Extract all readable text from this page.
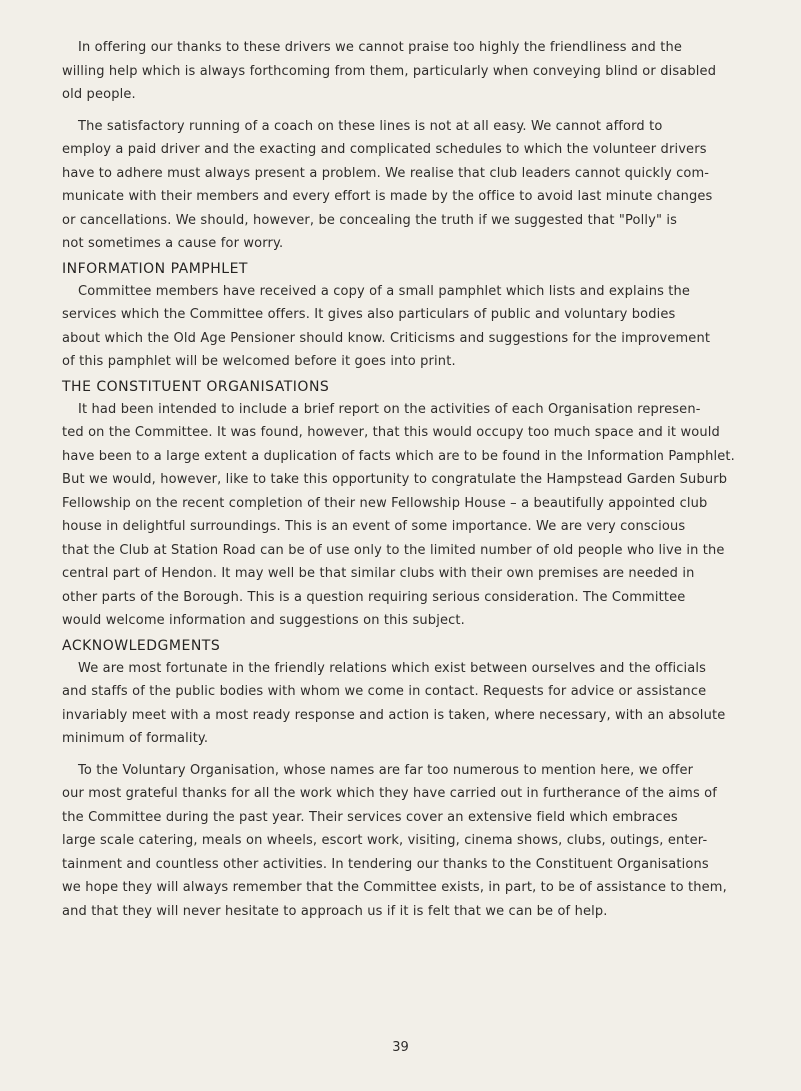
In offering our thanks to these drivers we cannot praise too highly the friendliness and the

willing help which is always forthcoming from them, particularly when conveying blind or disabled

old people.

The satisfactory running of a coach on these lines is not at all easy. We cannot afford to

employ a paid driver and the exacting and complicated schedules to which the volunteer drivers

have to adhere must always present a problem. We realise that club leaders cannot quickly com-

municate with their members and every effort is made by the office to avoid last minute changes

or cancellations. We should, however, be concealing the truth if we suggested that "Polly" is

not sometimes a cause for worry.

INFORMATION PAMPHLET

Committee members have received a copy of a small pamphlet which lists and explains the

services which the Committee offers. It gives also particulars of public and voluntary bodies

about which the Old Age Pensioner should know. Criticisms and suggestions for the improvement

of this pamphlet will be welcomed before it goes into print.

THE CONSTITUENT ORGANISATIONS

It had been intended to include a brief report on the activities of each Organisation represen-

ted on the Committee. It was found, however, that this would occupy too much space and it would

have been to a large extent a duplication of facts which are to be found in the Information Pamphlet.

But we would, however, like to take this opportunity to congratulate the Hampstead Garden Suburb

Fellowship on the recent completion of their new Fellowship House – a beautifully appointed club

house in delightful surroundings. This is an event of some importance. We are very conscious

that the Club at Station Road can be of use only to the limited number of old people who live in the

central part of Hendon. It may well be that similar clubs with their own premises are needed in

other parts of the Borough. This is a question requiring serious consideration. The Committee

would welcome information and suggestions on this subject.

ACKNOWLEDGMENTS

We are most fortunate in the friendly relations which exist between ourselves and the officials

and staffs of the public bodies with whom we come in contact. Requests for advice or assistance

invariably meet with a most ready response and action is taken, where necessary, with an absolute

minimum of formality.

To the Voluntary Organisation, whose names are far too numerous to mention here, we offer

our most grateful thanks for all the work which they have carried out in furtherance of the aims of

the Committee during the past year. Their services cover an extensive field which embraces

large scale catering, meals on wheels, escort work, visiting, cinema shows, clubs, outings, enter-

tainment and countless other activities. In tendering our thanks to the Constituent Organisations

we hope they will always remember that the Committee exists, in part, to be of assistance to them,

and that they will never hesitate to approach us if it is felt that we can be of help.

39
